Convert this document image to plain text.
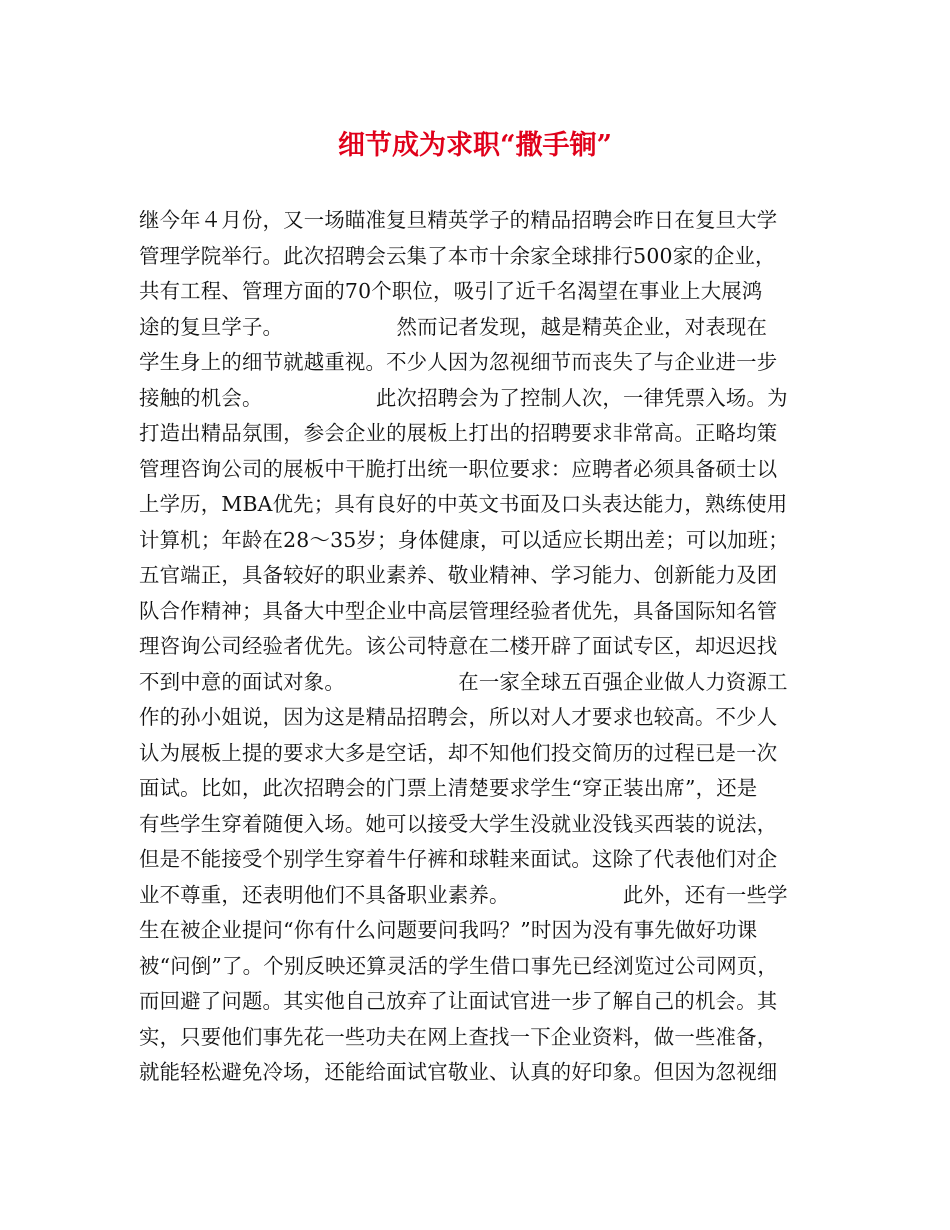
细节成为求职“撒手锏”
继今年４月份，又一场瞄准复旦精英学子的精品招聘会昨日在复旦大学
管理学院举行。此次招聘会云集了本市十余家全球排行500家的企业，
共有工程、管理方面的70个职位，吸引了近千名渴望在事业上大展鸿
途的复旦学子。　　　　　　然而记者发现，越是精英企业，对表现在
学生身上的细节就越重视。不少人因为忽视细节而丧失了与企业进一步
接触的机会。　　　　　　此次招聘会为了控制人次，一律凭票入场。为
打造出精品氛围，参会企业的展板上打出的招聘要求非常高。正略均策
管理咨询公司的展板中干脆打出统一职位要求：应聘者必须具备硕士以
上学历，MBA优先；具有良好的中英文书面及口头表达能力，熟练使用
计算机；年龄在28～35岁；身体健康，可以适应长期出差；可以加班；
五官端正，具备较好的职业素养、敬业精神、学习能力、创新能力及团
队合作精神；具备大中型企业中高层管理经验者优先，具备国际知名管
理咨询公司经验者优先。该公司特意在二楼开辟了面试专区，却迟迟找
不到中意的面试对象。　　　　　　在一家全球五百强企业做人力资源工
作的孙小姐说，因为这是精品招聘会，所以对人才要求也较高。不少人
认为展板上提的要求大多是空话，却不知他们投交简历的过程已是一次
面试。比如，此次招聘会的门票上清楚要求学生“穿正装出席”，还是
有些学生穿着随便入场。她可以接受大学生没就业没钱买西装的说法，
但是不能接受个别学生穿着牛仔裤和球鞋来面试。这除了代表他们对企
业不尊重，还表明他们不具备职业素养。　　　　　　此外，还有一些学
生在被企业提问“你有什么问题要问我吗？”时因为没有事先做好功课
被“问倒”了。个别反映还算灵活的学生借口事先已经浏览过公司网页，
而回避了问题。其实他自己放弃了让面试官进一步了解自己的机会。其
实，只要他们事先花一些功夫在网上查找一下企业资料，做一些准备，
就能轻松避免冷场，还能给面试官敬业、认真的好印象。但因为忽视细
